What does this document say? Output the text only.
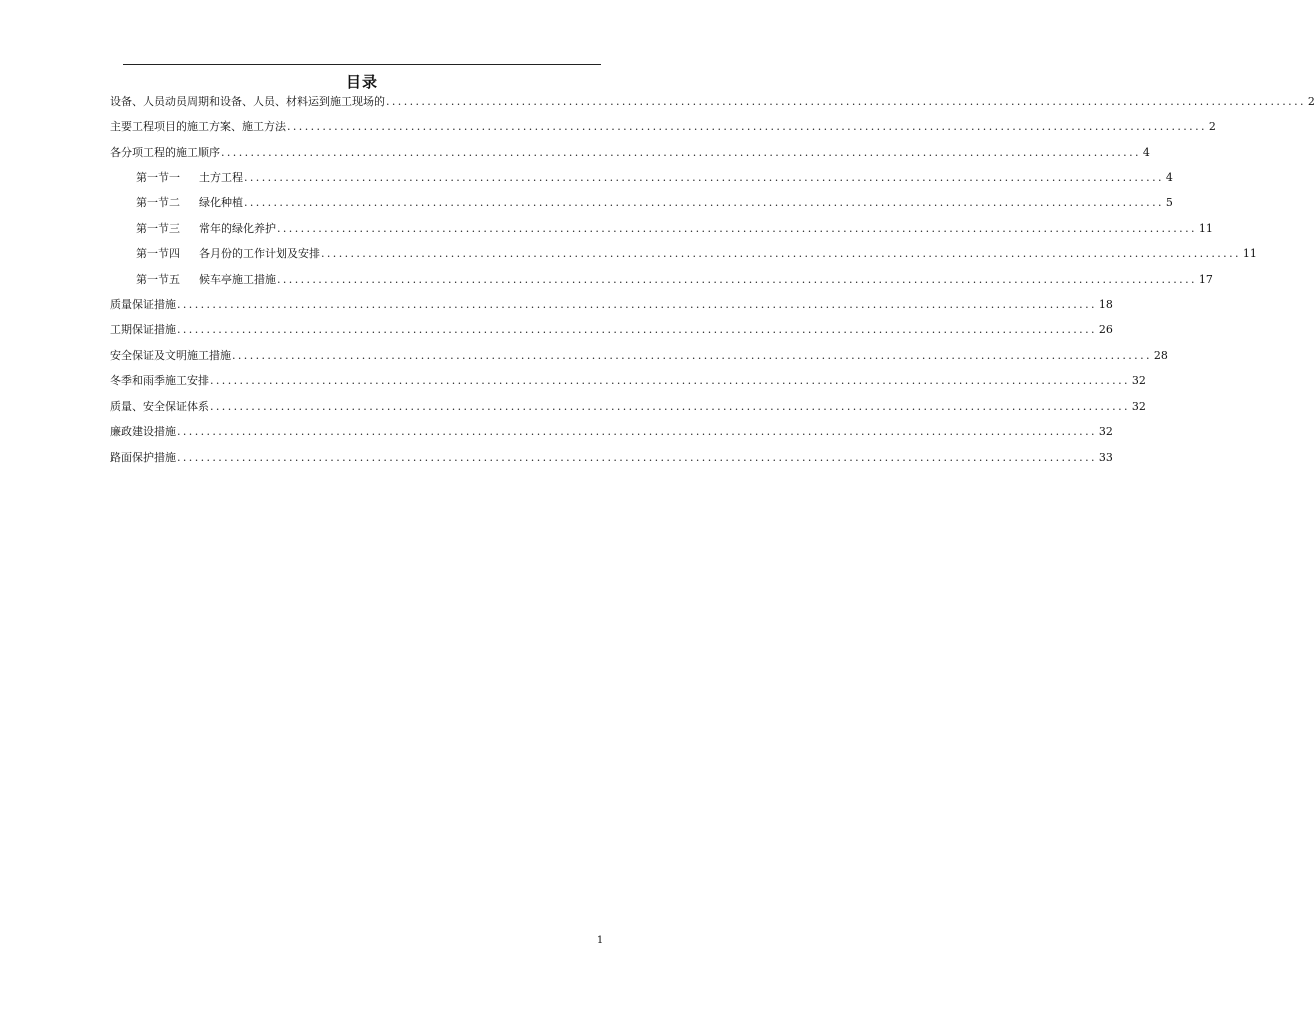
目录
设备、人员动员周期和设备、人员、材料运到施工现场的 ............................................................................................................................................................ 2
主要工程项目的施工方案、施工方法 ............................................................................................................................................................ 2
各分项工程的施工顺序 ............................................................................................................................................................ 4
第一节一	土方工程 ............................................................................................................................................................ 4
第一节二	绿化种植 ............................................................................................................................................................ 5
第一节三	常年的绿化养护 ............................................................................................................................................................ 11
第一节四	各月份的工作计划及安排 ............................................................................................................................................................ 11
第一节五	候车亭施工措施 ............................................................................................................................................................ 17
质量保证措施 ............................................................................................................................................................ 18
工期保证措施 ............................................................................................................................................................ 26
安全保证及文明施工措施 ............................................................................................................................................................ 28
冬季和雨季施工安排 ............................................................................................................................................................ 32
质量、安全保证体系 ............................................................................................................................................................ 32
廉政建设措施 ............................................................................................................................................................ 32
路面保护措施 ............................................................................................................................................................ 33
1
